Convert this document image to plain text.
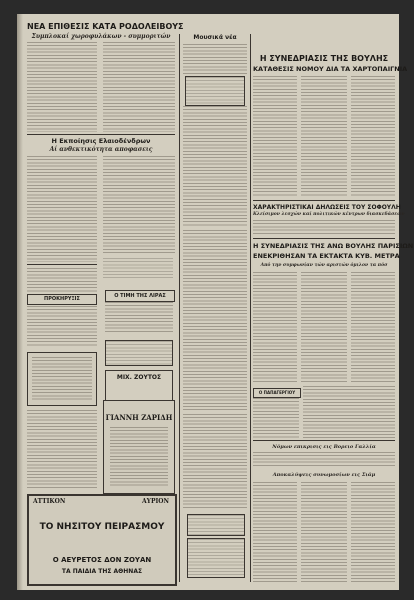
ΝΕΑ ΕΠΙΘΕΣΙΣ ΚΑΤΑ ΡΟΔΟΛΕΙΒΟΥΣ
Συμπλοκαί χωροφυλάκων - συμμοριτών
Η Εκποίησις Ελαιοδένδρων
Αί ανθεκτικότητα αποφασεις
ΠΡΟΚΗΡΥΞΙΣ	Ο ΤΙΜΗ ΤΗΣ ΛΙΡΑΣ
ΜΙΧ. ΖΟΥΤΟΣ
ΓΙΑΝΝΗ ΖΑΡΙΔΗ
ΑΤΤΙΚΟΝ	ΑΥΡΙΟΝ
ΤΟ ΝΗΣΙΤΟΥ ΠΕΙΡΑΣΜΟΥ
Ο ΑΕΥΡΕΤΟΣ ΔΟΝ ΖΟΥΑΝ
ΤΑ ΠΑΙΔΙΑ ΤΗΣ ΑΘΗΝΑΣ
Μουσικά νέα
Η ΣΥΝΕΔΡΙΑΣΙΣ ΤΗΣ ΒΟΥΛΗΣ
ΚΑΤΑΘΕΣΙΣ ΝΟΜΟΥ ΔΙΑ ΤΑ ΧΑΡΤΟΠΑΙΓΝΙΑ
ΧΑΡΑΚΤΗΡΙΣΤΙΚΑΙ ΔΗΛΩΣΕΙΣ ΤΟΥ ΣΟΦΟΥΛΗ
Κλείσιμον λεσχών καί πολιτικών κέντρων διασκεδάσεων
Η ΣΥΝΕΔΡΙΑΣΙΣ ΤΗΣ ΑΝΩ ΒΟΥΛΗΣ ΠΑΡΙΣΙΩΝ
ΕΝΕΚΡΙΘΗΣΑΝ ΤΑ ΕΚΤΑΚΤΑ ΚΥΒ. ΜΕΤΡΑ
Από την συμφωνίαν τών αριστών όμιλον τα πόσ
Ο ΠΑΠΑΓΕΡΓΙΟΥ
Νόμων επικρισις εις Βορειο Γαλλία
Αποκαλύψεις συνωμοσίων εις Σιάμ
